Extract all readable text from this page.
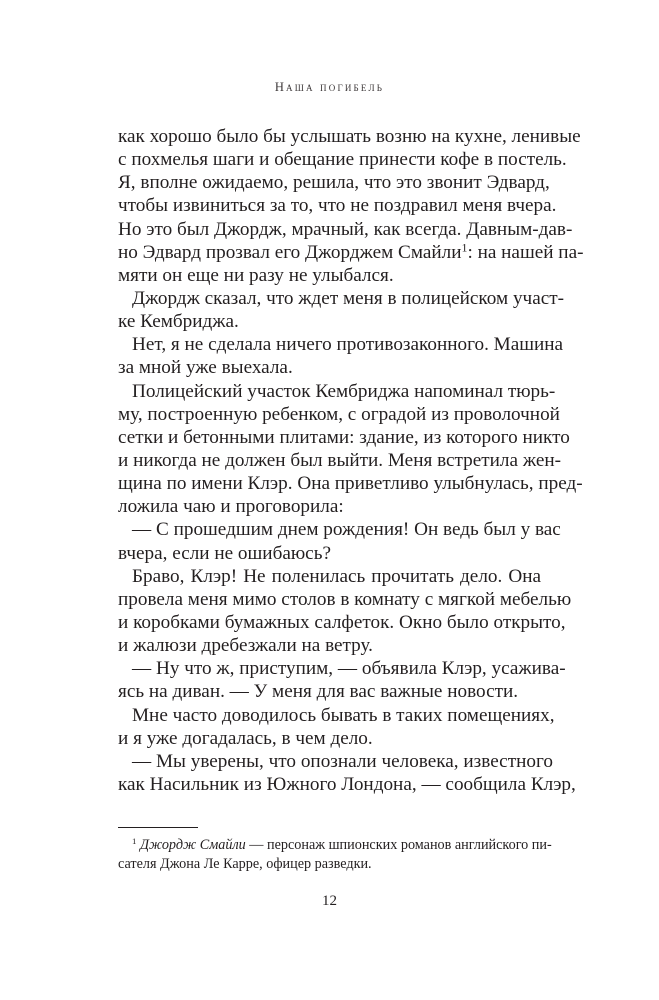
Наша погибель
как хорошо было бы услышать возню на кухне, ленивые
с похмелья шаги и обещание принести кофе в постель.
Я, вполне ожидаемо, решила, что это звонит Эдвард,
чтобы извиниться за то, что не поздравил меня вчера.
Но это был Джордж, мрачный, как всегда. Давным-дав-
но Эдвард прозвал его Джорджем Смайли$^1$: на нашей па-
мяти он еще ни разу не улыбался.
Джордж сказал, что ждет меня в полицейском участ-
ке Кембриджа.
Нет, я не сделала ничего противозаконного. Машина
за мной уже выехала.
Полицейский участок Кембриджа напоминал тюрь-
му, построенную ребенком, с оградой из проволочной
сетки и бетонными плитами: здание, из которого никто
и никогда не должен был выйти. Меня встретила жен-
щина по имени Клэр. Она приветливо улыбнулась, пред-
ложила чаю и проговорила:
— С прошедшим днем рождения! Он ведь был у вас
вчера, если не ошибаюсь?
Браво, Клэр! Не поленилась прочитать дело. Она
провела меня мимо столов в комнату с мягкой мебелью
и коробками бумажных салфеток. Окно было открыто,
и жалюзи дребезжали на ветру.
— Ну что ж, приступим, — объявила Клэр, усажива-
ясь на диван. — У меня для вас важные новости.
Мне часто доводилось бывать в таких помещениях,
и я уже догадалась, в чем дело.
— Мы уверены, что опознали человека, известного
как Насильник из Южного Лондона, — сообщила Клэр,
$^1$ Джордж Смайли — персонаж шпионских романов английского пи-
сателя Джона Ле Карре, офицер разведки.
12
